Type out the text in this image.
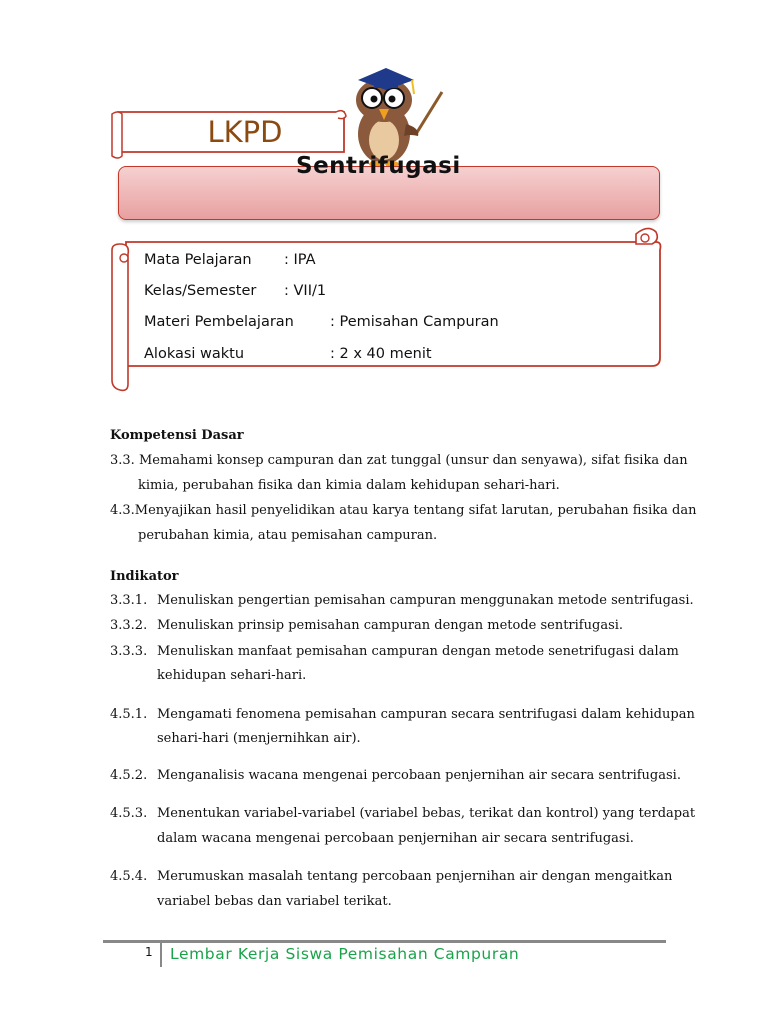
LKPD
Sentrifugasi
Mata Pelajaran : IPA
Kelas/Semester : VII/1
Materi Pembelajaran : Pemisahan Campuran
Alokasi waktu	: 2 x 40 menit
Kompetensi Dasar
3.3. Memahami konsep campuran dan zat tunggal (unsur dan senyawa), sifat fisika dan
kimia, perubahan fisika dan kimia dalam kehidupan sehari-hari.
4.3.Menyajikan hasil penyelidikan atau karya tentang sifat larutan, perubahan fisika dan
perubahan kimia, atau pemisahan campuran.
Indikator
3.3.1. Menuliskan pengertian pemisahan campuran menggunakan metode sentrifugasi.
3.3.2. Menuliskan prinsip pemisahan campuran dengan metode sentrifugasi.
3.3.3. Menuliskan manfaat pemisahan campuran dengan metode senetrifugasi dalam
kehidupan sehari-hari.
4.5.1. Mengamati fenomena pemisahan campuran secara sentrifugasi dalam kehidupan
sehari-hari (menjernihkan air).
4.5.2. Menganalisis wacana mengenai percobaan penjernihan air secara sentrifugasi.
4.5.3. Menentukan variabel-variabel (variabel bebas, terikat dan kontrol) yang terdapat
dalam wacana mengenai percobaan penjernihan air secara sentrifugasi.
4.5.4. Merumuskan masalah tentang percobaan penjernihan air dengan mengaitkan
variabel bebas dan variabel terikat.
1 Lembar Kerja Siswa Pemisahan Campuran
